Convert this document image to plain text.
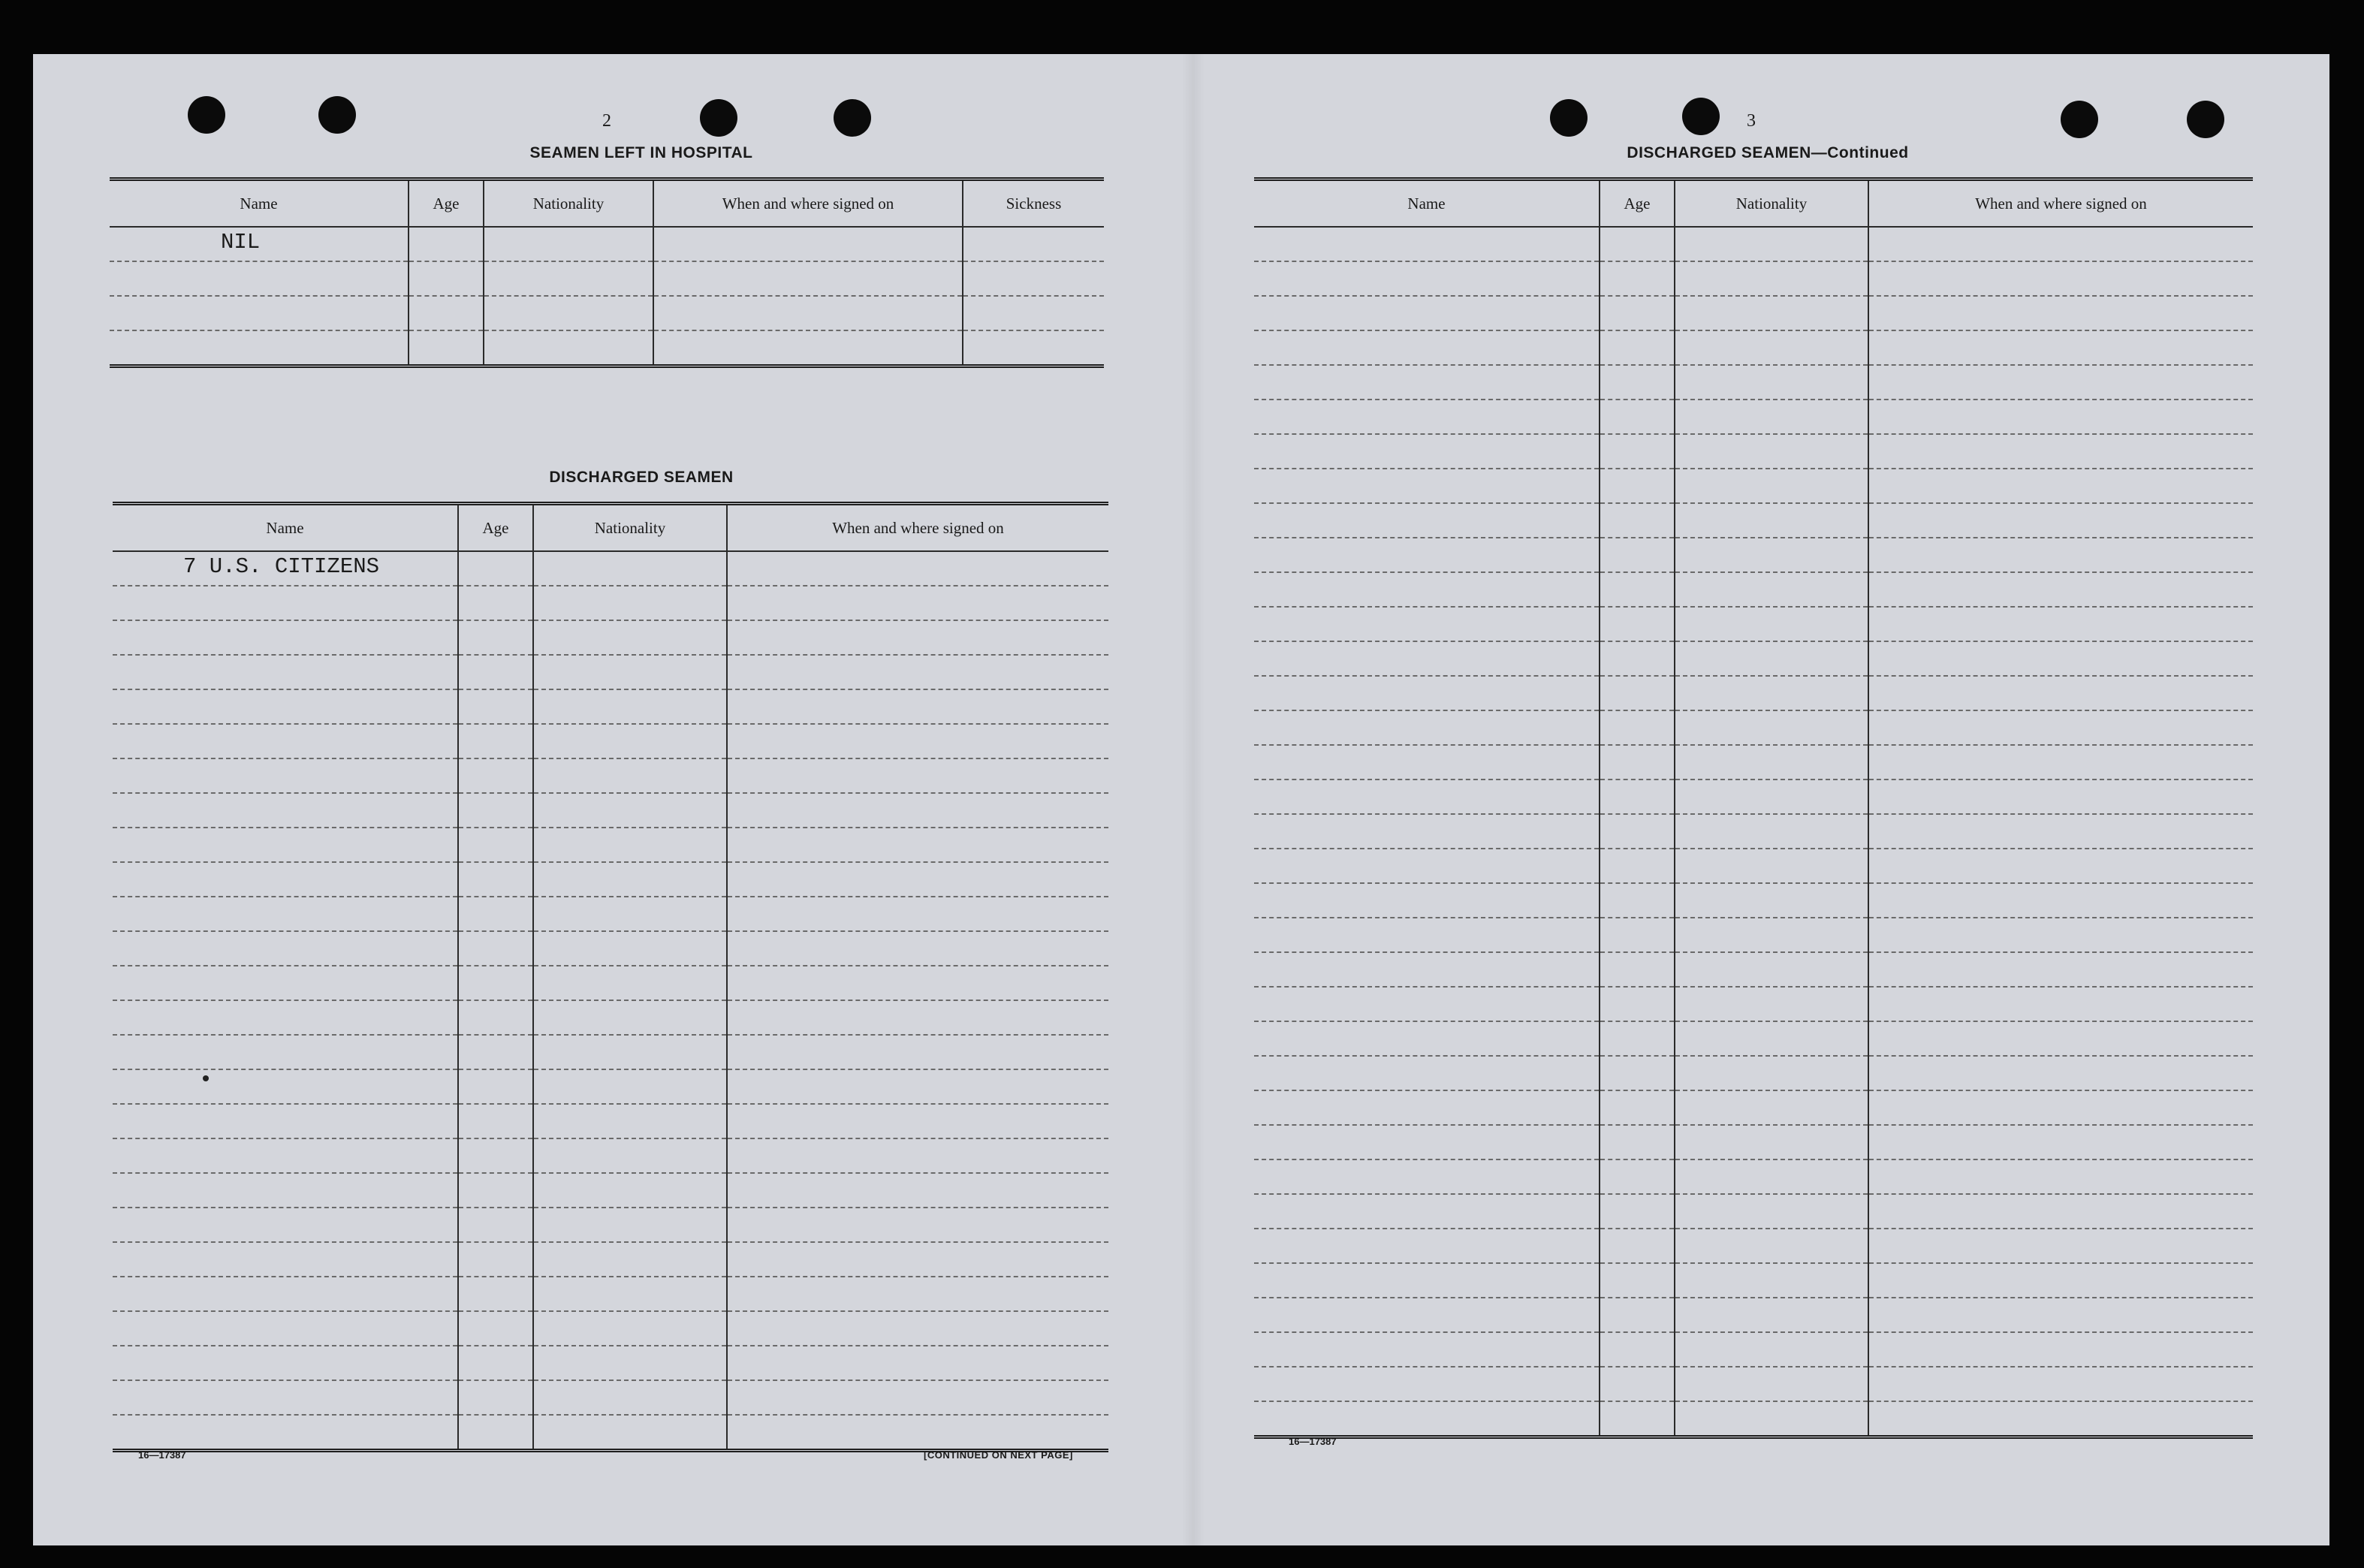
2
SEAMEN LEFT IN HOSPITAL
Name	Age	Nationality	When and where signed on	Sickness
NIL				

DISCHARGED SEAMEN
Name	Age	Nationality	When and where signed on
7 U.S. CITIZENS			

16—17387	[CONTINUED ON NEXT PAGE]
3
DISCHARGED SEAMEN—Continued
Name	Age	Nationality	When and where signed on

16—17387
